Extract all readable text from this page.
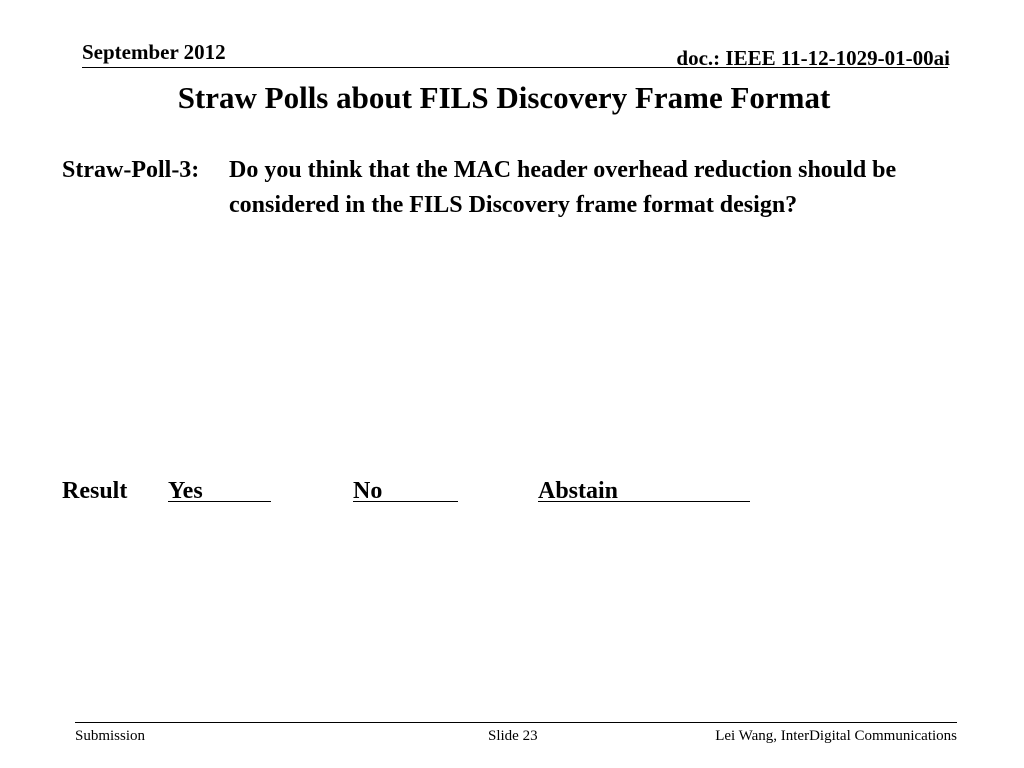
September 2012	doc.: IEEE 11-12-1029-01-00ai
Straw Polls about FILS Discovery Frame Format
Straw-Poll-3: Do you think that the MAC header overhead reduction should be considered in the FILS Discovery frame format design?
Result Yes	No	Abstain
Submission	Slide 23	Lei Wang, InterDigital Communications
